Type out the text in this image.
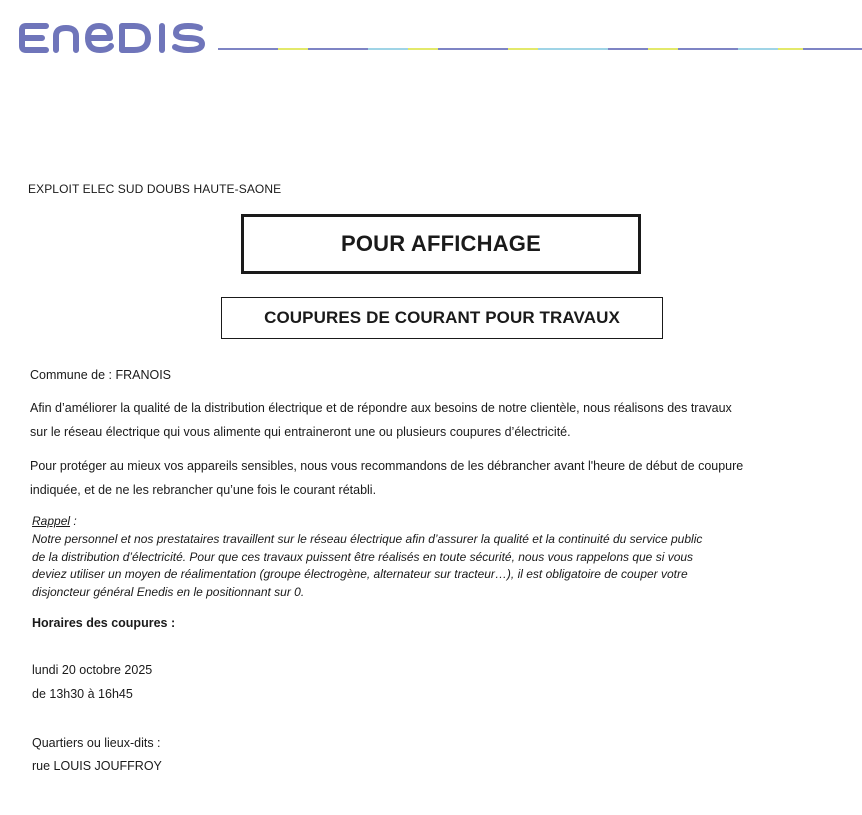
EXPLOIT ELEC SUD DOUBS HAUTE-SAONE
POUR AFFICHAGE
COUPURES DE COURANT POUR TRAVAUX
Commune de : FRANOIS
Afin d’améliorer la qualité de la distribution électrique et de répondre aux besoins de notre clientèle, nous réalisons des travaux
sur le réseau électrique qui vous alimente qui entraineront une ou plusieurs coupures d’électricité.
Pour protéger au mieux vos appareils sensibles, nous vous recommandons de les débrancher avant l'heure de début de coupure
indiquée, et de ne les rebrancher qu’une fois le courant rétabli.
Rappel :
Notre personnel et nos prestataires travaillent sur le réseau électrique afin d’assurer la qualité et la continuité du service public
de la distribution d’électricité. Pour que ces travaux puissent être réalisés en toute sécurité, nous vous rappelons que si vous
deviez utiliser un moyen de réalimentation (groupe électrogène, alternateur sur tracteur…), il est obligatoire de couper votre
disjoncteur général Enedis en le positionnant sur 0.
Horaires des coupures :
lundi 20 octobre 2025
de 13h30 à 16h45
Quartiers ou lieux-dits :
rue LOUIS JOUFFROY
